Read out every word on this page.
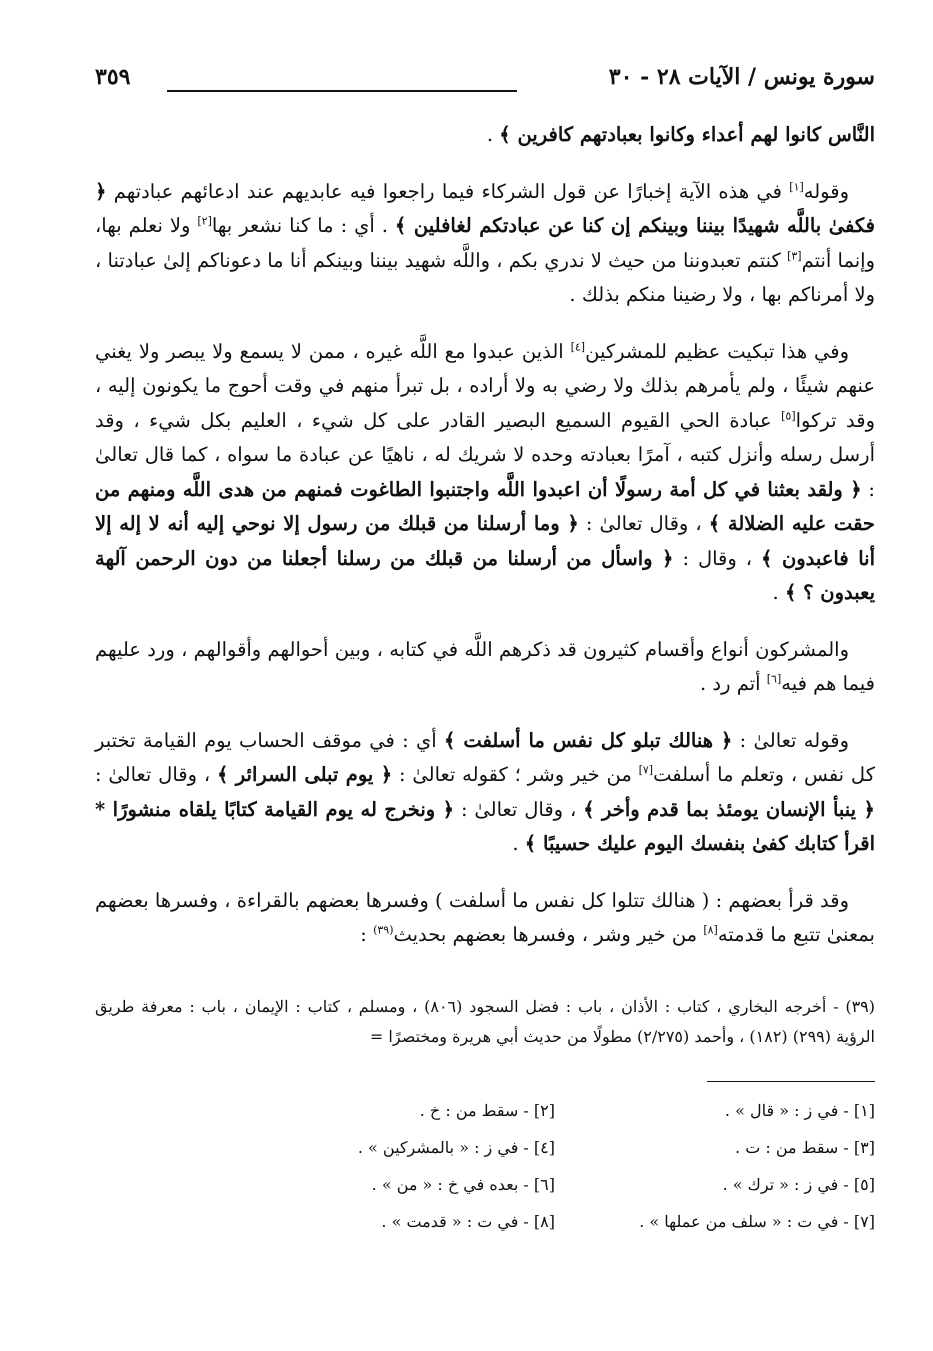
سورة يونس / الآيات ٢٨ - ٣٠
٣٥٩

النَّاس كانوا لهم أعداء وكانوا بعبادتهم كافرين ﴾ .

وقوله[١] في هذه الآية إخبارًا عن قول الشركاء فيما راجعوا فيه عابديهم عند ادعائهم عبادتهم ﴿ فكفىٰ باللَّه شهيدًا بيننا وبينكم إن كنا عن عبادتكم لغافلين ﴾ . أي : ما كنا نشعر بها[٢] ولا نعلم بها، وإنما أنتم[٣] كنتم تعبدوننا من حيث لا ندري بكم ، واللَّه شهيد بيننا وبينكم أنا ما دعوناكم إلىٰ عبادتنا ، ولا أمرناكم بها ، ولا رضينا منكم بذلك .

وفي هذا تبكيت عظيم للمشركين[٤] الذين عبدوا مع اللَّه غيره ، ممن لا يسمع ولا يبصر ولا يغني عنهم شيئًا ، ولم يأمرهم بذلك ولا رضي به ولا أراده ، بل تبرأ منهم في وقت أحوج ما يكونون إليه ، وقد تركوا[٥] عبادة الحي القيوم السميع البصير القادر على كل شيء ، العليم بكل شيء ، وقد أرسل رسله وأنزل كتبه ، آمرًا بعبادته وحده لا شريك له ، ناهيًا عن عبادة ما سواه ، كما قال تعالىٰ : ﴿ ولقد بعثنا في كل أمة رسولًا أن اعبدوا اللَّه واجتنبوا الطاغوت فمنهم من هدى اللَّه ومنهم من حقت عليه الضلالة ﴾ ، وقال تعالىٰ : ﴿ وما أرسلنا من قبلك من رسول إلا نوحي إليه أنه لا إله إلا أنا فاعبدون ﴾ ، وقال : ﴿ واسأل من أرسلنا من قبلك من رسلنا أجعلنا من دون الرحمن آلهة يعبدون ؟ ﴾ .

والمشركون أنواع وأقسام كثيرون قد ذكرهم اللَّه في كتابه ، وبين أحوالهم وأقوالهم ، ورد عليهم فيما هم فيه[٦] أتم رد .

وقوله تعالىٰ : ﴿ هنالك تبلو كل نفس ما أسلفت ﴾ أي : في موقف الحساب يوم القيامة تختبر كل نفس ، وتعلم ما أسلفت[٧] من خير وشر ؛ كقوله تعالىٰ : ﴿ يوم تبلى السرائر ﴾ ، وقال تعالىٰ : ﴿ ينبأ الإنسان يومئذ بما قدم وأخر ﴾ ، وقال تعالىٰ : ﴿ ونخرج له يوم القيامة كتابًا يلقاه منشورًا * اقرأ كتابك كفىٰ بنفسك اليوم عليك حسيبًا ﴾ .

وقد قرأ بعضهم : ( هنالك تتلوا كل نفس ما أسلفت ) وفسرها بعضهم بالقراءة ، وفسرها بعضهم بمعنىٰ تتبع ما قدمته[٨] من خير وشر ، وفسرها بعضهم بحديث$^{(٣٩)}$ :

(٣٩) - أخرجه البخاري ، كتاب : الأذان ، باب : فضل السجود (٨٠٦) ، ومسلم ، كتاب : الإيمان ، باب : معرفة طريق الرؤية (٢٩٩) (١٨٢) ، وأحمد (٢/٢٧٥) مطولًا من حديث أبي هريرة ومختصرًا =

[١] - في ز : « قال » .
[٢] - سقط من : خ .
[٣] - سقط من : ت .
[٤] - في ز : « بالمشركين » .
[٥] - في ز : « ترك » .
[٦] - بعده في خ : « من » .
[٧] - في ت : « سلف من عملها » .
[٨] - في ت : « قدمت » .
